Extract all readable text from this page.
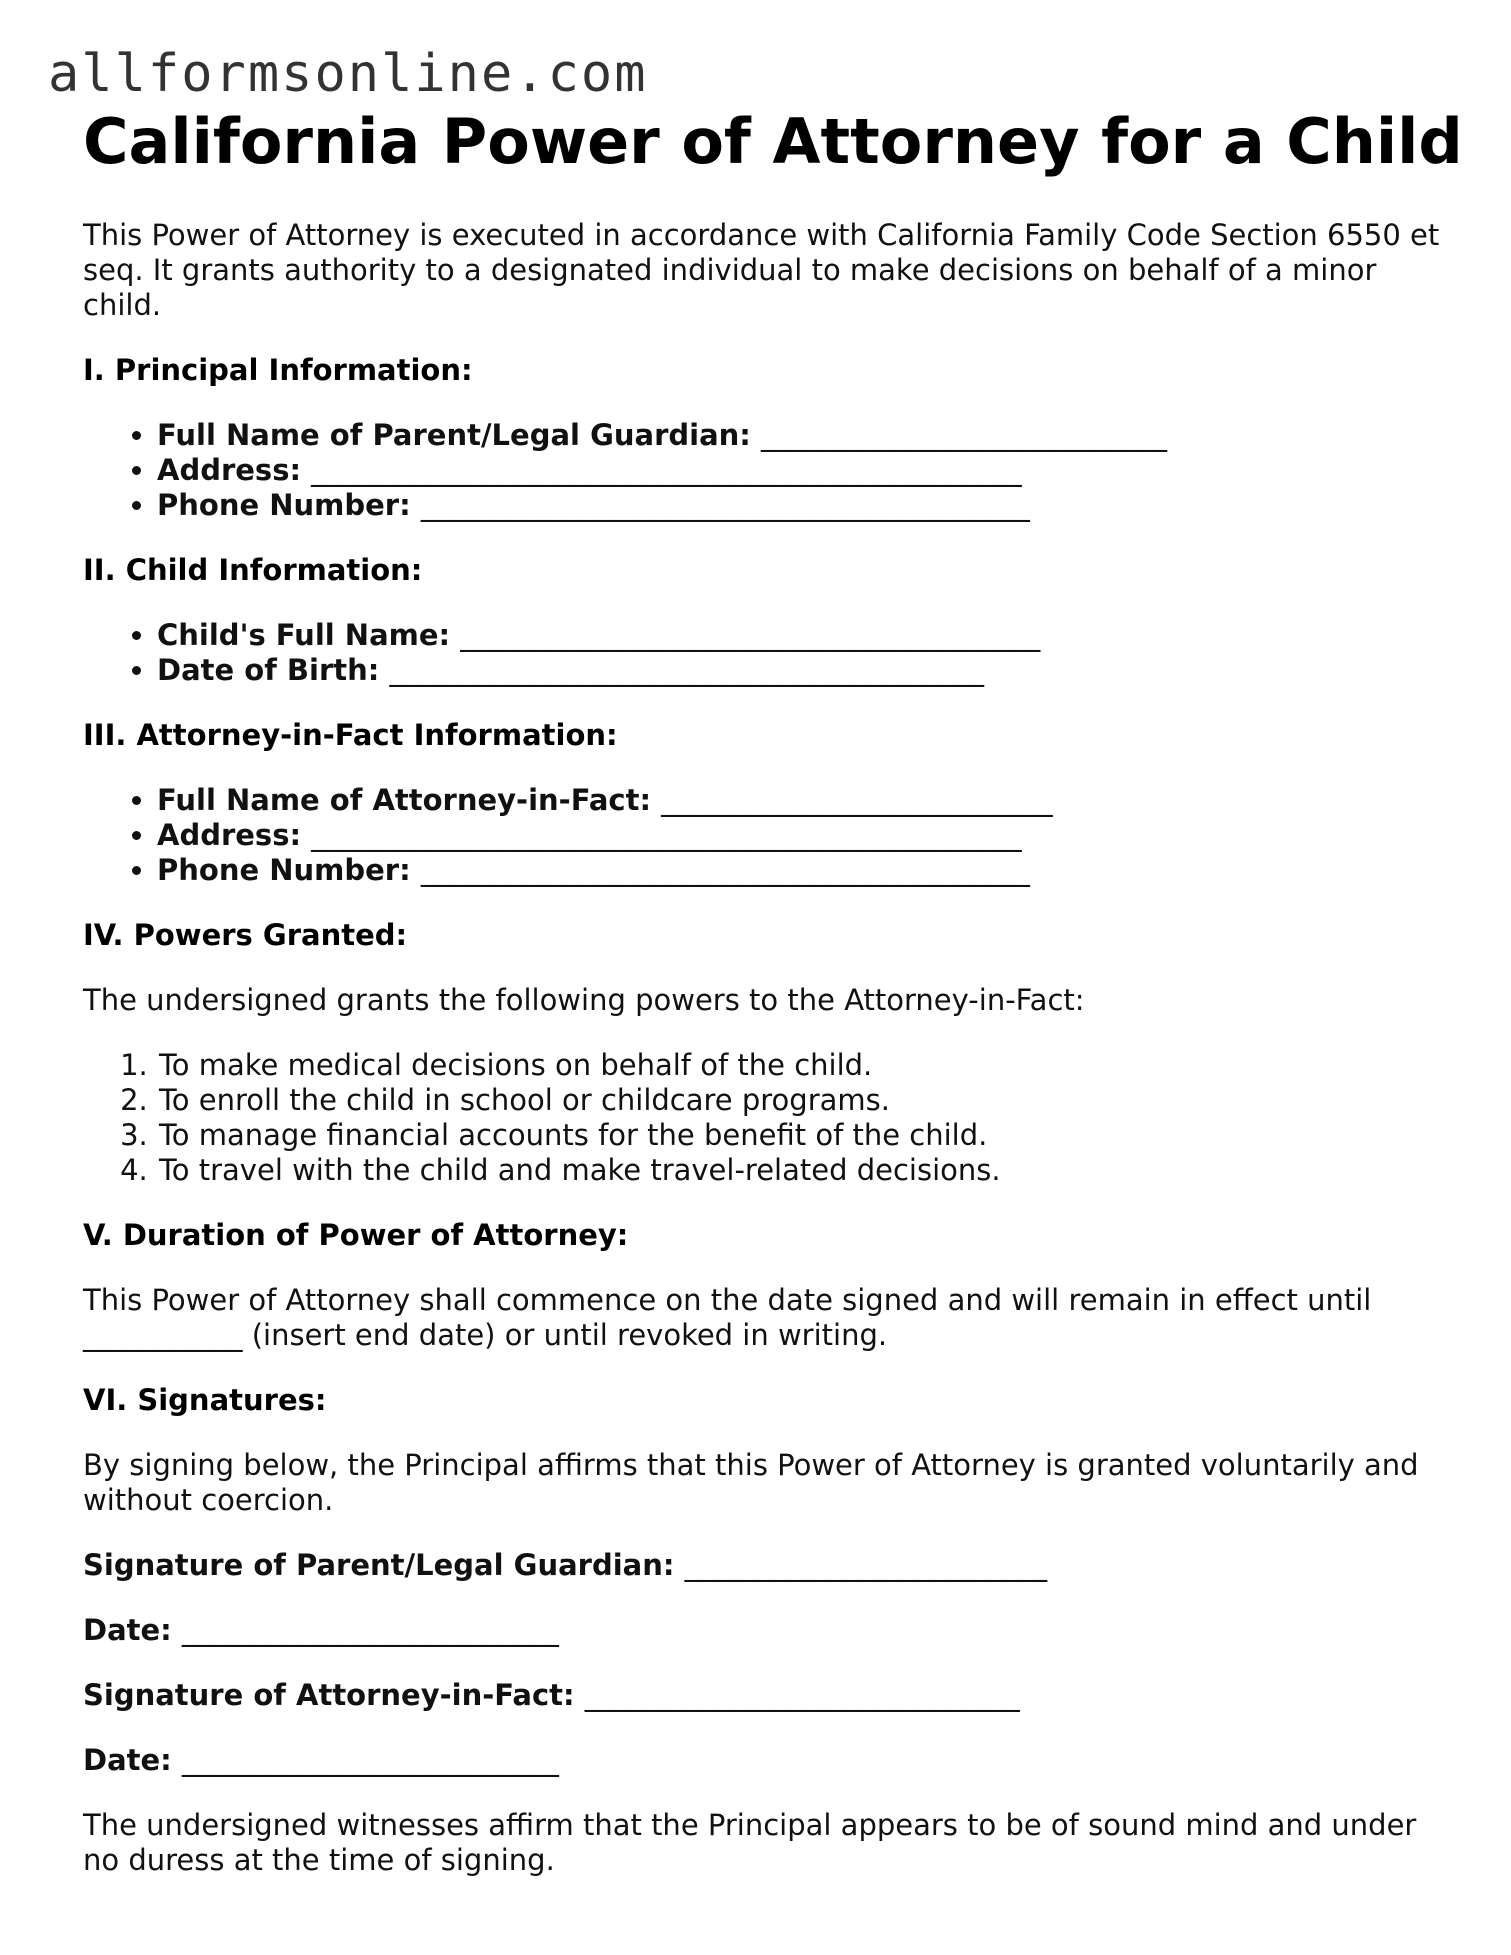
allformsonline.com
California Power of Attorney for a Child

This Power of Attorney is executed in accordance with California Family Code Section 6550 et seq. It grants authority to a designated individual to make decisions on behalf of a minor child.

I. Principal Information:
• Full Name of Parent/Legal Guardian: ____________________________
• Address: _________________________________________________
• Phone Number: __________________________________________
II. Child Information:
• Child's Full Name: ________________________________________
• Date of Birth: _________________________________________
III. Attorney-in-Fact Information:
• Full Name of Attorney-in-Fact: ___________________________
• Address: _________________________________________________
• Phone Number: __________________________________________
IV. Powers Granted:

The undersigned grants the following powers to the Attorney-in-Fact:

1. To make medical decisions on behalf of the child.
2. To enroll the child in school or childcare programs.
3. To manage financial accounts for the benefit of the child.
4. To travel with the child and make travel-related decisions.
V. Duration of Power of Attorney:

This Power of Attorney shall commence on the date signed and will remain in effect until ___________ (insert end date) or until revoked in writing.

VI. Signatures:

By signing below, the Principal affirms that this Power of Attorney is granted voluntarily and without coercion.

Signature of Parent/Legal Guardian: _________________________
Date: __________________________
Signature of Attorney-in-Fact: ______________________________
Date: __________________________

The undersigned witnesses affirm that the Principal appears to be of sound mind and under no duress at the time of signing.
